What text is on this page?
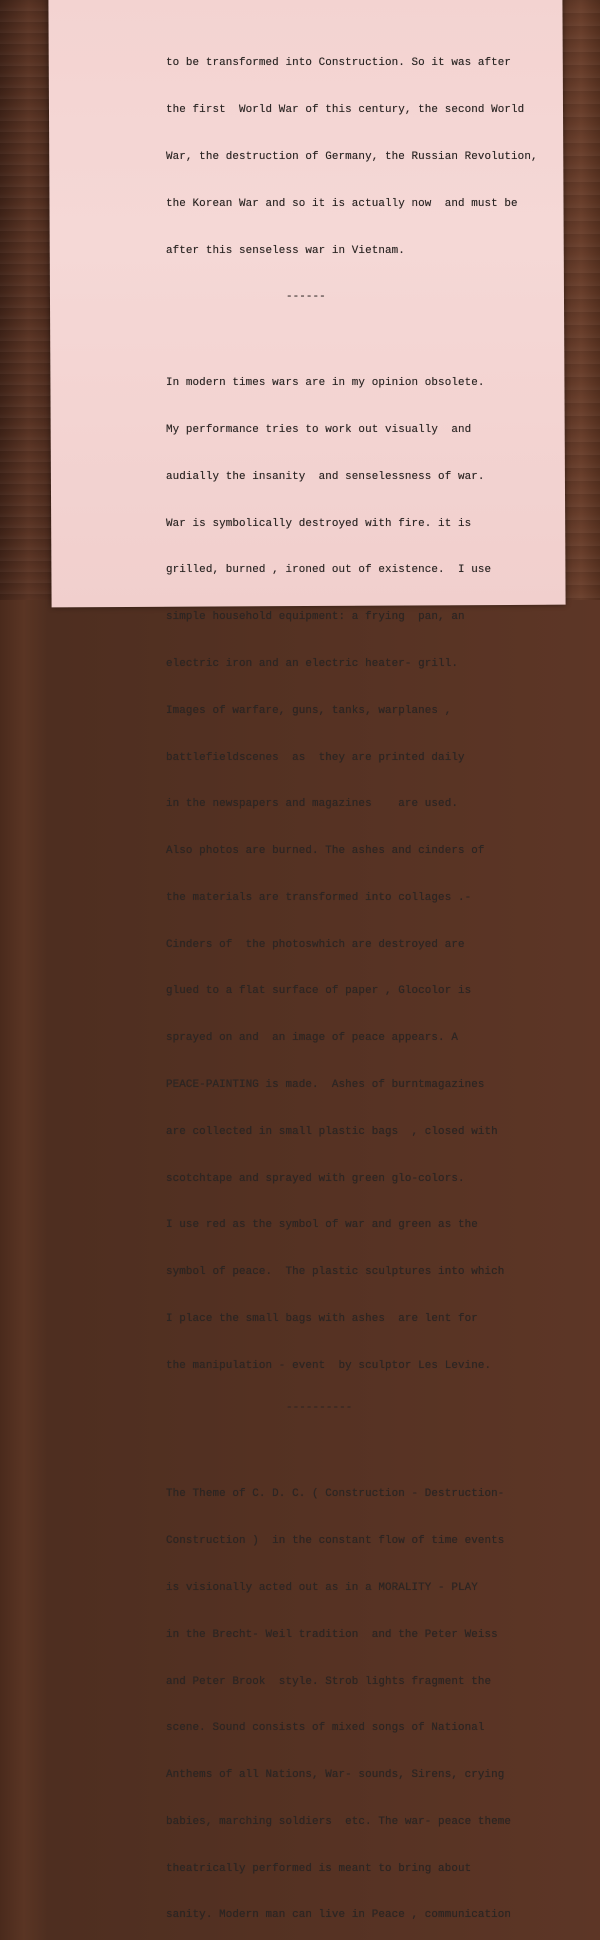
to be transformed into Construction. So it was after

the first  World War of this century, the second World

War, the destruction of Germany, the Russian Revolution,

the Korean War and so it is actually now  and must be

after this senseless war in Vietnam.

------

In modern times wars are in my opinion obsolete.

My performance tries to work out visually  and

audially the insanity  and senselessness of war.

War is symbolically destroyed with fire. it is

grilled, burned , ironed out of existence.  I use

simple household equipment: a frying  pan, an

electric iron and an electric heater- grill.

Images of warfare, guns, tanks, warplanes ,

battlefieldscenes  as  they are printed daily

in the newspapers and magazines    are used.

Also photos are burned. The ashes and cinders of

the materials are transformed into collages .-

Cinders of  the photoswhich are destroyed are

glued to a flat surface of paper , Glocolor is

sprayed on and  an image of peace appears. A

PEACE-PAINTING is made.  Ashes of burntmagazines

are collected in small plastic bags  , closed with

scotchtape and sprayed with green glo-colors.

I use red as the symbol of war and green as the

symbol of peace.  The plastic sculptures into which

I place the small bags with ashes  are lent for

the manipulation - event  by sculptor Les Levine.

----------

The Theme of C. D. C. ( Construction - Destruction-

Construction )  in the constant flow of time events

is visionally acted out as in a MORALITY - PLAY

in the Brecht- Weil tradition  and the Peter Weiss

and Peter Brook  style. Strob lights fragment the

scene. Sound consists of mixed songs of National

Anthems of all Nations, War- sounds, Sirens, crying

babies, marching soldiers  etc. The war- peace theme

theatrically performed is meant to bring about

sanity. Modern man can live in Peace , communication
